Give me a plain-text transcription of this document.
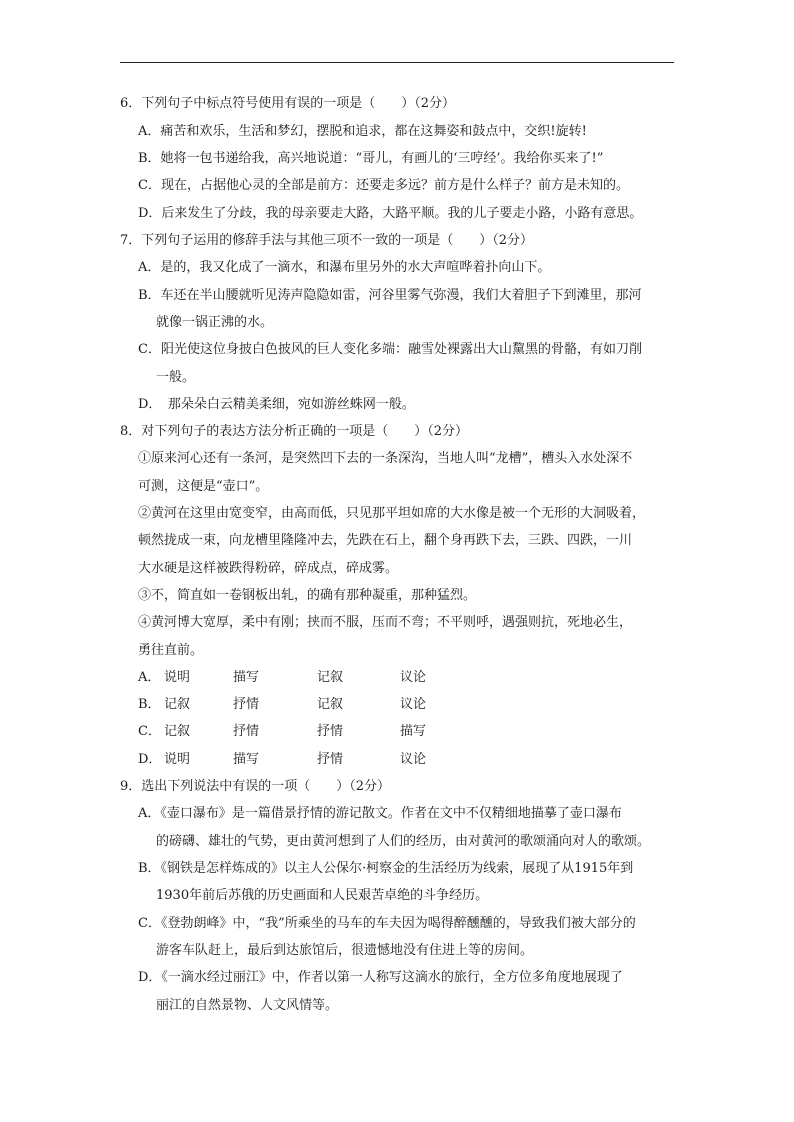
6．下列句子中标点符号使用有误的一项是（　　）（2分）
A．痛苦和欢乐，生活和梦幻，摆脱和追求，都在这舞姿和鼓点中，交织!旋转!
B．她将一包书递给我，高兴地说道：“哥儿，有画儿的‘三哼经’。我给你买来了!”
C．现在，占据他心灵的全部是前方：还要走多远？前方是什么样子？前方是未知的。
D．后来发生了分歧，我的母亲要走大路，大路平顺。我的儿子要走小路，小路有意思。
7．下列句子运用的修辞手法与其他三项不一致的一项是（　　）（2分）
A．是的，我又化成了一滴水，和瀑布里另外的水大声喧哗着扑向山下。
B．车还在半山腰就听见涛声隐隐如雷，河谷里雾气弥漫，我们大着胆子下到滩里，那河
就像一锅正沸的水。
C．阳光使这位身披白色披风的巨人变化多端：融雪处裸露出大山黧黑的骨骼，有如刀削
一般。
D．　那朵朵白云精美柔细，宛如游丝蛛网一般。
8．对下列句子的表达方法分析正确的一项是（　　）（2分）
①原来河心还有一条河，是突然凹下去的一条深沟，当地人叫“龙槽”，槽头入水处深不
可测，这便是“壶口”。
②黄河在这里由宽变窄，由高而低，只见那平坦如席的大水像是被一个无形的大洞吸着，
顿然拢成一束，向龙槽里隆隆冲去，先跌在石上，翻个身再跌下去，三跌、四跌，一川
大水硬是这样被跌得粉碎，碎成点，碎成雾。
③不，简直如一卷钢板出轧，的确有那种凝重，那种猛烈。
④黄河博大宽厚，柔中有刚；挟而不服，压而不弯；不平则呼，遇强则抗，死地必生，
勇往直前。
A． 说明	描写	记叙	议论
B． 记叙	抒情	记叙	议论
C． 记叙	抒情	抒情	描写
D． 说明	描写	抒情	议论
9．选出下列说法中有误的一项（　　）（2分）
A．《壶口瀑布》是一篇借景抒情的游记散文。作者在文中不仅精细地描摹了壶口瀑布
的磅礴、雄壮的气势，更由黄河想到了人们的经历，由对黄河的歌颂涌向对人的歌颂。
B．《钢铁是怎样炼成的》以主人公保尔·柯察金的生活经历为线索，展现了从1915年到
1930年前后苏俄的历史画面和人民艰苦卓绝的斗争经历。
C．《登勃朗峰》中，“我”所乘坐的马车的车夫因为喝得醉醺醺的，导致我们被大部分的
游客车队赶上，最后到达旅馆后，很遗憾地没有住进上等的房间。
D．《一滴水经过丽江》中，作者以第一人称写这滴水的旅行，全方位多角度地展现了
丽江的自然景物、人文风情等。
